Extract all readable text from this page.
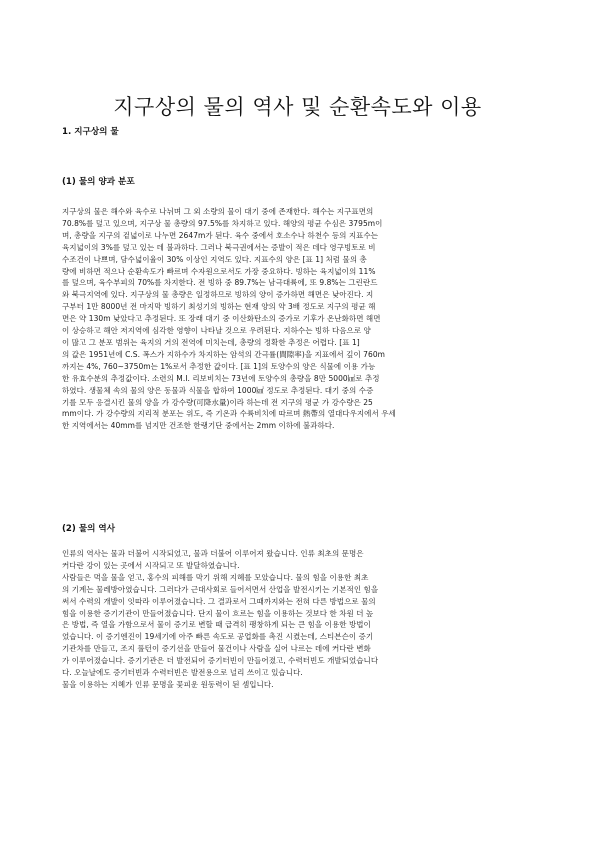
지구상의 물의 역사 및 순환속도와 이용
1. 지구상의 물
(1) 물의 양과 분포
지구상의 물은 해수와 육수로 나뉘며 그 외 소량의 물이 대기 중에 존재한다. 해수는 지구표면의
70.8%를 덮고 있으며, 지구상 물 총량의 97.5%를 차지하고 있다. 해양의 평균 수심은 3795m이
며, 총량을 지구의 겉넓이로 나누면 2647m가 된다. 육수 중에서 호소수나 하천수 등의 지표수는
육지넓이의 3%를 덮고 있는 데 불과하다. 그러나 북극권에서는 증발이 적은 데다 영구빙토로 비
수조건이 나쁘며, 담수넓이율이 30% 이상인 지역도 있다. 지표수의 양은 [표 1] 처럼 물의 총
량에 비하면 적으나 순환속도가 빠르며 수자원으로서도 가장 중요하다. 빙하는 육지넓이의 11%
를 덮으며, 육수부피의 70%를 차지한다. 전 빙하 중 89.7%는 남극대륙에, 또 9.8%는 그린란드
와 북극지역에 있다. 지구상의 물 총량은 일정하므로 빙하의 양이 증가하면 해면은 낮아진다. 지
구부터 1만 8000년 전 마지막 빙하기 최성기의 빙하는 현재 양의 약 3배 정도로 지구의 평균 해
면은 약 130m 낮았다고 추정된다. 또 장래 대기 중 이산화탄소의 증가로 기후가 온난화하면 해면
이 상승하고 해안 저지역에 심각한 영향이 나타날 것으로 우려된다. 지하수는 빙하 다음으로 양
이 많고 그 분포 범위는 육지의 거의 전역에 미치는데, 총량의 정확한 추정은 어렵다. [표 1]
의 값은 1951년에 C.S. 폭스가 지하수가 차지하는 암석의 간극률(間隙率)을 지표에서 깊이 760m
까지는 4%, 760~3750m는 1%로서 추정한 값이다. [표 1]의 토양수의 양은 식물에 이용 가능
한 유효수분의 추정값이다. 소련의 M.I. 리보비치는 73년에 토양수의 총량을 8만 5000㎢로 추정
하였다. 생물체 속의 물의 양은 동물과 식물을 합하여 1000㎢ 정도로 추정된다. 대기 중의 수증
기를 모두 응결시킨 물의 양을 가 강수량(可降水量)이라 하는데 전 지구의 평균 가 강수량은 25
mm이다. 가 강수량의 지리적 분포는 위도, 즉 기온과 수륙비치에 따르며 熱帶의 열대다우지에서 우세
한 지역에서는 40mm를 넘지만 건조한 한랭기단 중에서는 2mm 이하에 불과하다.
(2) 물의 역사
인류의 역사는 물과 더불어 시작되었고, 물과 더불어 이루어져 왔습니다. 인류 최초의 문명은
커다란 강이 있는 곳에서 시작되고 또 발달하였습니다.
사람들은 먹을 물을 얻고, 홍수의 피해를 막기 위해 지혜를 모았습니다. 물의 힘을 이용한 최초
의 기계는 물레방아였습니다. 그러다가 근대사회로 들어서면서 산업을 발전시키는 기본적인 힘을
써서 수력의 개발이 잇따라 이루어졌습니다. 그 결과로서 그때까지와는 전혀 다른 방법으로 물의
힘을 이용한 증기기관이 만들어졌습니다. 단지 물이 흐르는 힘을 이용하는 것보다 한 차원 더 높
은 방법, 즉 열을 가함으로서 물이 증기로 변할 때 급격히 팽창하게 되는 큰 힘을 이용한 방법이
었습니다. 이 증기엔진이 19세기에 아주 빠른 속도로 공업화를 촉진 시켰는데, 스티븐슨이 증기
기관차를 만들고, 조지 풀턴이 증기선을 만들어 물건이나 사람을 실어 나르는 데에 커다란 변화
가 이루어졌습니다. 증기기관은 더 발전되어 증기터빈이 만들어졌고, 수력터빈도 개발되었습니다
다. 오늘날에도 증기터빈과 수력터빈은 발전용으로 널리 쓰이고 있습니다.
물을 이용하는 지혜가 인류 문명을 꽃피운 원동력이 된 셈입니다.
